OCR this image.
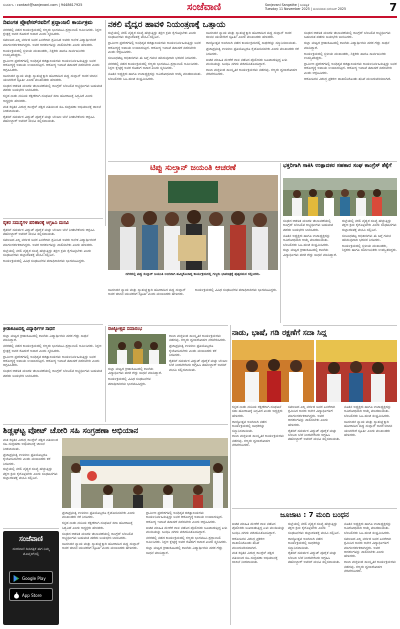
ಸಂಪರ್ಕಿಸಿ : contact@sanjevani.com | 9448617925	ಸಂಜೆವಾಣಿ	Sanjevani Sangathe | ದಿನಪತ್ರಿಕೆ
Tuesday 11 November 2025 | ಮಂಗಳವಾರ ನವೆಂಬರ್ 2025	7
ದಿವಂಗತ ಪ್ರೊಫೆಸರ್‌ರವರಿಗೆ ಶ್ರದ್ಧಾಂಜಲಿ ಕಾರ್ಯಕ್ರಮ

ನಗರದಲ್ಲಿ ನಡೆದ ಕಾರ್ಯಕ್ರಮದಲ್ಲಿ ಗಣ್ಯರು ಭಾಗವಹಿಸಿ ಶ್ರದ್ಧಾಂಜಲಿ ಅರ್ಪಿಸಿದರು. ಶಿಕ್ಷಣ ಕ್ಷೇತ್ರಕ್ಕೆ ಅವರ ಕೊಡುಗೆ ಅಪಾರ ಎಂದು ಸ್ಮರಿಸಿದರು.

ಸಮಾಜದ ಎಲ್ಲ ವರ್ಗದ ಜನರ ಏಳಿಗೆಗಾಗಿ ಶ್ರಮಿಸಿದ ಅವರು ಅನೇಕ ವಿದ್ಯಾರ್ಥಿಗಳಿಗೆ ಮಾರ್ಗದರ್ಶಕರಾಗಿದ್ದರು. ಅವರ ಆದರ್ಶಗಳನ್ನು ಪಾಲಿಸಬೇಕು ಎಂದು ಹೇಳಿದರು.

ಕಾರ್ಯಕ್ರಮದಲ್ಲಿ ಸ್ಥಳೀಯ ಮುಖಂಡರು, ಶಿಕ್ಷಕರು ಹಾಗೂ ಸಾರ್ವಜನಿಕರು ಉಪಸ್ಥಿತರಿದ್ದರು.

ಗ್ರಾಮೀಣ ಪ್ರದೇಶಗಳಲ್ಲಿ ಅನಧಿಕೃತ ಚಿಕಿತ್ಸಾಲಯಗಳು ಕಾರ್ಯನಿರ್ವಹಿಸುತ್ತಿದ್ದು ಜನರ ಆರೋಗ್ಯಕ್ಕೆ ಅಪಾಯ ಉಂಟಾಗುತ್ತಿದೆ. ಆರೋಗ್ಯ ಇಲಾಖೆ ತಪಾಸಣೆ ನಡೆಸಬೇಕು ಎಂದು ಆಗ್ರಹಿಸಿದರು.

ಸಾಮಾಜಿಕ ನ್ಯಾಯ ಮತ್ತು ಸ್ವಾತಂತ್ರ್ಯಕ್ಕಾಗಿ ಹೋರಾಡಿದ ಟಿಪ್ಪು ಸುಲ್ತಾನ್ ಅವರ ಜೀವನ ಯುವಕರಿಗೆ ಸ್ಫೂರ್ತಿ ಎಂದು ಮುಖಂಡರು ಹೇಳಿದರು.

ಸಂಘದ ಆಡಳಿತ ಮಂಡಳಿ ಚುನಾವಣೆಯಲ್ಲಿ ಕಾಂಗ್ರೆಸ್ ಬೆಂಬಲಿತ ಅಭ್ಯರ್ಥಿಗಳು ಬಹುಮತ ಪಡೆದು ಜಯಭೇರಿ ಬಾರಿಸಿದರು.

ಕನ್ನಡ ನಾಡು ನುಡಿಯ ರಕ್ಷಣೆಗಾಗಿ ಸಂಘಟನೆ ಸದಾ ಹೋರಾಟಕ್ಕೆ ಸಿದ್ಧವಿದೆ ಎಂದು ಅಧ್ಯಕ್ಷರು ಹೇಳಿದರು.

ಮತ ಕಳ್ಳತನ ವಿರುದ್ಧ ಕಾಂಗ್ರೆಸ್ ಪಕ್ಷದ ವತಿಯಿಂದ ಸಹಿ ಸಂಗ್ರಹಣಾ ಅಭಿಯಾನಕ್ಕೆ ಚಾಲನೆ ನೀಡಲಾಯಿತು.

ರೈತರಿಗೆ ಸಮರ್ಪಕ ವಿದ್ಯುತ್ ಪೂರೈಕೆ ಮತ್ತು ಬೆಂಬಲ ಬೆಲೆ ನೀಡಬೇಕೆಂದು ಆಗ್ರಹಿಸಿ ತಹಶೀಲ್ದಾರ್ ಅವರಿಗೆ ಮನವಿ ಸಲ್ಲಿಸಲಾಯಿತು.

ರೈತರ ಸಮಸ್ಯೆಗಳ ಪರಿಹಾರಕ್ಕೆ ಆಗ್ರಹಿಸಿ ಮನವಿ

ರೈತರಿಗೆ ಸಮರ್ಪಕ ವಿದ್ಯುತ್ ಪೂರೈಕೆ ಮತ್ತು ಬೆಂಬಲ ಬೆಲೆ ನೀಡಬೇಕೆಂದು ಆಗ್ರಹಿಸಿ ತಹಶೀಲ್ದಾರ್ ಅವರಿಗೆ ಮನವಿ ಸಲ್ಲಿಸಲಾಯಿತು.

ಸಮಾಜದ ಎಲ್ಲ ವರ್ಗದ ಜನರ ಏಳಿಗೆಗಾಗಿ ಶ್ರಮಿಸಿದ ಅವರು ಅನೇಕ ವಿದ್ಯಾರ್ಥಿಗಳಿಗೆ ಮಾರ್ಗದರ್ಶಕರಾಗಿದ್ದರು. ಅವರ ಆದರ್ಶಗಳನ್ನು ಪಾಲಿಸಬೇಕು ಎಂದು ಹೇಳಿದರು.

ಜಿಲ್ಲೆಯಲ್ಲಿ ನಕಲಿ ವೈದ್ಯರ ಸಂಖ್ಯೆ ಹೆಚ್ಚುತ್ತಿದ್ದು ತಕ್ಷಣ ಕ್ರಮ ಕೈಗೊಳ್ಳಬೇಕು ಎಂದು ಸಂಘಟನೆಗಳು ಜಿಲ್ಲಾಡಳಿತಕ್ಕೆ ಮನವಿ ಸಲ್ಲಿಸಿವೆ.

ಕಾರ್ಯಕ್ರಮದಲ್ಲಿ ವಿವಿಧ ಸಂಘಟನೆಗಳ ಪದಾಧಿಕಾರಿಗಳು ಭಾಗವಹಿಸಿದ್ದರು.

ನಕಲಿ ವೈದ್ಯರ ಹಾವಳಿ ನಿಯಂತ್ರಣಕ್ಕೆ ಒತ್ತಾಯ

ಜಿಲ್ಲೆಯಲ್ಲಿ ನಕಲಿ ವೈದ್ಯರ ಸಂಖ್ಯೆ ಹೆಚ್ಚುತ್ತಿದ್ದು ತಕ್ಷಣ ಕ್ರಮ ಕೈಗೊಳ್ಳಬೇಕು ಎಂದು ಸಂಘಟನೆಗಳು ಜಿಲ್ಲಾಡಳಿತಕ್ಕೆ ಮನವಿ ಸಲ್ಲಿಸಿವೆ.

ಗ್ರಾಮೀಣ ಪ್ರದೇಶಗಳಲ್ಲಿ ಅನಧಿಕೃತ ಚಿಕಿತ್ಸಾಲಯಗಳು ಕಾರ್ಯನಿರ್ವಹಿಸುತ್ತಿದ್ದು ಜನರ ಆರೋಗ್ಯಕ್ಕೆ ಅಪಾಯ ಉಂಟಾಗುತ್ತಿದೆ. ಆರೋಗ್ಯ ಇಲಾಖೆ ತಪಾಸಣೆ ನಡೆಸಬೇಕು ಎಂದು ಆಗ್ರಹಿಸಿದರು.

ಸಂಬಂಧಪಟ್ಟ ಅಧಿಕಾರಿಗಳು ಈ ಬಗ್ಗೆ ಗಮನ ಹರಿಸುವುದಾಗಿ ಭರವಸೆ ನೀಡಿದರು.

ನಗರದಲ್ಲಿ ನಡೆದ ಕಾರ್ಯಕ್ರಮದಲ್ಲಿ ಗಣ್ಯರು ಭಾಗವಹಿಸಿ ಶ್ರದ್ಧಾಂಜಲಿ ಅರ್ಪಿಸಿದರು. ಶಿಕ್ಷಣ ಕ್ಷೇತ್ರಕ್ಕೆ ಅವರ ಕೊಡುಗೆ ಅಪಾರ ಎಂದು ಸ್ಮರಿಸಿದರು.

ನೂತನ ಅಧ್ಯಕ್ಷರು ಹಾಗೂ ಉಪಾಧ್ಯಕ್ಷರನ್ನು ಅವಿರೋಧವಾಗಿ ಆಯ್ಕೆ ಮಾಡಲಾಯಿತು. ಬೆಂಬಲಿಗರು ಸಿಹಿ ಹಂಚಿ ಸಂಭ್ರಮಿಸಿದರು.

ಸಾಮಾಜಿಕ ನ್ಯಾಯ ಮತ್ತು ಸ್ವಾತಂತ್ರ್ಯಕ್ಕಾಗಿ ಹೋರಾಡಿದ ಟಿಪ್ಪು ಸುಲ್ತಾನ್ ಅವರ ಜೀವನ ಯುವಕರಿಗೆ ಸ್ಫೂರ್ತಿ ಎಂದು ಮುಖಂಡರು ಹೇಳಿದರು.

ರಾಜ್ಯೋತ್ಸವ ಅಂಗವಾಗಿ ನಡೆದ ಕಾರ್ಯಕ್ರಮದಲ್ಲಿ ಸಾಧಕರನ್ನು ಸನ್ಮಾನಿಸಲಾಯಿತು.

ಪ್ರಜಾಪ್ರಭುತ್ವ ಉಳಿಸಲು ಪ್ರತಿಯೊಬ್ಬರೂ ಕೈಜೋಡಿಸಬೇಕು ಎಂದು ಮುಖಂಡರು ಕರೆ ನೀಡಿದರು.

ಖಚಿತ ಮಾಹಿತಿ ಮೇರೆಗೆ ದಾಳಿ ನಡೆಸಿದ ಪೊಲೀಸರು ಜೂಜಾಡುತ್ತಿದ್ದ ಏಳು ಮಂದಿಯನ್ನು ಬಂಧಿಸಿ ನಗದು ವಶಪಡಿಸಿಕೊಂಡಿದ್ದಾರೆ.

ಶಾಲಾ ಮಕ್ಕಳಿಂದ ಸಾಂಸ್ಕೃತಿಕ ಕಾರ್ಯಕ್ರಮಗಳು ನಡೆದವು. ಗಣ್ಯರು ಧ್ವಜಾರೋಹಣ ನೆರವೇರಿಸಿದರು.

ಸಂಘದ ಆಡಳಿತ ಮಂಡಳಿ ಚುನಾವಣೆಯಲ್ಲಿ ಕಾಂಗ್ರೆಸ್ ಬೆಂಬಲಿತ ಅಭ್ಯರ್ಥಿಗಳು ಬಹುಮತ ಪಡೆದು ಜಯಭೇರಿ ಬಾರಿಸಿದರು.

ಜಿಲ್ಲಾ ಮಟ್ಟದ ಕ್ರೀಡಾಕೂಟದಲ್ಲಿ ಶಾಲೆಯ ವಿದ್ಯಾರ್ಥಿಗಳು ಪದಕ ಗೆದ್ದು ಸಾಧನೆ ಮಾಡಿದ್ದಾರೆ.

ಕಾರ್ಯಕ್ರಮದಲ್ಲಿ ಸ್ಥಳೀಯ ಮುಖಂಡರು, ಶಿಕ್ಷಕರು ಹಾಗೂ ಸಾರ್ವಜನಿಕರು ಉಪಸ್ಥಿತರಿದ್ದರು.

ಗ್ರಾಮೀಣ ಪ್ರದೇಶಗಳಲ್ಲಿ ಅನಧಿಕೃತ ಚಿಕಿತ್ಸಾಲಯಗಳು ಕಾರ್ಯನಿರ್ವಹಿಸುತ್ತಿದ್ದು ಜನರ ಆರೋಗ್ಯಕ್ಕೆ ಅಪಾಯ ಉಂಟಾಗುತ್ತಿದೆ. ಆರೋಗ್ಯ ಇಲಾಖೆ ತಪಾಸಣೆ ನಡೆಸಬೇಕು ಎಂದು ಆಗ್ರಹಿಸಿದರು.

ಆರೋಪಿಗಳ ವಿರುದ್ಧ ಪ್ರಕರಣ ದಾಖಲಿಸಿಕೊಂಡು ತನಿಖೆ ಮುಂದುವರಿಸಲಾಗಿದೆ.

ಟಿಪ್ಪು ಸುಲ್ತಾನ್ ಜಯಂತಿ ಆಚರಣೆ
ನಗರದಲ್ಲಿ ಟಿಪ್ಪು ಸುಲ್ತಾನ್ ಜಯಂತಿ ಅಂಗವಾಗಿ ಹಮ್ಮಿಕೊಂಡಿದ್ದ ಕಾರ್ಯಕ್ರಮದಲ್ಲಿ ಗಣ್ಯರು ಭಾವಚಿತ್ರಕ್ಕೆ ಪುಷ್ಪನಮನ ಸಲ್ಲಿಸಿದರು.

ಸಾಮಾಜಿಕ ನ್ಯಾಯ ಮತ್ತು ಸ್ವಾತಂತ್ರ್ಯಕ್ಕಾಗಿ ಹೋರಾಡಿದ ಟಿಪ್ಪು ಸುಲ್ತಾನ್ ಅವರ ಜೀವನ ಯುವಕರಿಗೆ ಸ್ಫೂರ್ತಿ ಎಂದು ಮುಖಂಡರು ಹೇಳಿದರು.

ಕಾರ್ಯಕ್ರಮದಲ್ಲಿ ವಿವಿಧ ಸಂಘಟನೆಗಳ ಪದಾಧಿಕಾರಿಗಳು ಭಾಗವಹಿಸಿದ್ದರು.

ಭಕ್ತರಿಗಾಗಿ ಸಾಕಿಸಿ ಉತ್ಪಾದಕರ ಸಹಕಾರ ಸಂಘ ಕಾಂಗ್ರೆಸ್ ತೆಕ್ಕೆಗೆ

ಸಂಘದ ಆಡಳಿತ ಮಂಡಳಿ ಚುನಾವಣೆಯಲ್ಲಿ ಕಾಂಗ್ರೆಸ್ ಬೆಂಬಲಿತ ಅಭ್ಯರ್ಥಿಗಳು ಬಹುಮತ ಪಡೆದು ಜಯಭೇರಿ ಬಾರಿಸಿದರು.

ನೂತನ ಅಧ್ಯಕ್ಷರು ಹಾಗೂ ಉಪಾಧ್ಯಕ್ಷರನ್ನು ಅವಿರೋಧವಾಗಿ ಆಯ್ಕೆ ಮಾಡಲಾಯಿತು. ಬೆಂಬಲಿಗರು ಸಿಹಿ ಹಂಚಿ ಸಂಭ್ರಮಿಸಿದರು.

ಜಿಲ್ಲಾ ಮಟ್ಟದ ಕ್ರೀಡಾಕೂಟದಲ್ಲಿ ಶಾಲೆಯ ವಿದ್ಯಾರ್ಥಿಗಳು ಪದಕ ಗೆದ್ದು ಸಾಧನೆ ಮಾಡಿದ್ದಾರೆ.

ಜಿಲ್ಲೆಯಲ್ಲಿ ನಕಲಿ ವೈದ್ಯರ ಸಂಖ್ಯೆ ಹೆಚ್ಚುತ್ತಿದ್ದು ತಕ್ಷಣ ಕ್ರಮ ಕೈಗೊಳ್ಳಬೇಕು ಎಂದು ಸಂಘಟನೆಗಳು ಜಿಲ್ಲಾಡಳಿತಕ್ಕೆ ಮನವಿ ಸಲ್ಲಿಸಿವೆ.

ಸಂಬಂಧಪಟ್ಟ ಅಧಿಕಾರಿಗಳು ಈ ಬಗ್ಗೆ ಗಮನ ಹರಿಸುವುದಾಗಿ ಭರವಸೆ ನೀಡಿದರು.

ಕಾರ್ಯಕ್ರಮದಲ್ಲಿ ಸ್ಥಳೀಯ ಮುಖಂಡರು, ಶಿಕ್ಷಕರು ಹಾಗೂ ಸಾರ್ವಜನಿಕರು ಉಪಸ್ಥಿತರಿದ್ದರು.

ನಾಡು, ಭಾಷೆ, ಗಡಿ ರಕ್ಷಣೆಗೆ ಸದಾ ಸಿದ್ದ

ಕನ್ನಡ ನಾಡು ನುಡಿಯ ರಕ್ಷಣೆಗಾಗಿ ಸಂಘಟನೆ ಸದಾ ಹೋರಾಟಕ್ಕೆ ಸಿದ್ಧವಿದೆ ಎಂದು ಅಧ್ಯಕ್ಷರು ಹೇಳಿದರು.

ರಾಜ್ಯೋತ್ಸವ ಅಂಗವಾಗಿ ನಡೆದ ಕಾರ್ಯಕ್ರಮದಲ್ಲಿ ಸಾಧಕರನ್ನು ಸನ್ಮಾನಿಸಲಾಯಿತು.

ಶಾಲಾ ಮಕ್ಕಳಿಂದ ಸಾಂಸ್ಕೃತಿಕ ಕಾರ್ಯಕ್ರಮಗಳು ನಡೆದವು. ಗಣ್ಯರು ಧ್ವಜಾರೋಹಣ ನೆರವೇರಿಸಿದರು.

ಸಮಾಜದ ಎಲ್ಲ ವರ್ಗದ ಜನರ ಏಳಿಗೆಗಾಗಿ ಶ್ರಮಿಸಿದ ಅವರು ಅನೇಕ ವಿದ್ಯಾರ್ಥಿಗಳಿಗೆ ಮಾರ್ಗದರ್ಶಕರಾಗಿದ್ದರು. ಅವರ ಆದರ್ಶಗಳನ್ನು ಪಾಲಿಸಬೇಕು ಎಂದು ಹೇಳಿದರು.

ರೈತರಿಗೆ ಸಮರ್ಪಕ ವಿದ್ಯುತ್ ಪೂರೈಕೆ ಮತ್ತು ಬೆಂಬಲ ಬೆಲೆ ನೀಡಬೇಕೆಂದು ಆಗ್ರಹಿಸಿ ತಹಶೀಲ್ದಾರ್ ಅವರಿಗೆ ಮನವಿ ಸಲ್ಲಿಸಲಾಯಿತು.

ನೂತನ ಅಧ್ಯಕ್ಷರು ಹಾಗೂ ಉಪಾಧ್ಯಕ್ಷರನ್ನು ಅವಿರೋಧವಾಗಿ ಆಯ್ಕೆ ಮಾಡಲಾಯಿತು. ಬೆಂಬಲಿಗರು ಸಿಹಿ ಹಂಚಿ ಸಂಭ್ರಮಿಸಿದರು.

ಸಾಮಾಜಿಕ ನ್ಯಾಯ ಮತ್ತು ಸ್ವಾತಂತ್ರ್ಯಕ್ಕಾಗಿ ಹೋರಾಡಿದ ಟಿಪ್ಪು ಸುಲ್ತಾನ್ ಅವರ ಜೀವನ ಯುವಕರಿಗೆ ಸ್ಫೂರ್ತಿ ಎಂದು ಮುಖಂಡರು ಹೇಳಿದರು.

ರಾಜ್ಯೋತ್ಸವ ಸಮಾರಂಭ

ಶಾಲಾ ಮಕ್ಕಳಿಂದ ಸಾಂಸ್ಕೃತಿಕ ಕಾರ್ಯಕ್ರಮಗಳು ನಡೆದವು. ಗಣ್ಯರು ಧ್ವಜಾರೋಹಣ ನೆರವೇರಿಸಿದರು.

ಪ್ರಜಾಪ್ರಭುತ್ವ ಉಳಿಸಲು ಪ್ರತಿಯೊಬ್ಬರೂ ಕೈಜೋಡಿಸಬೇಕು ಎಂದು ಮುಖಂಡರು ಕರೆ ನೀಡಿದರು.

ರೈತರಿಗೆ ಸಮರ್ಪಕ ವಿದ್ಯುತ್ ಪೂರೈಕೆ ಮತ್ತು ಬೆಂಬಲ ಬೆಲೆ ನೀಡಬೇಕೆಂದು ಆಗ್ರಹಿಸಿ ತಹಶೀಲ್ದಾರ್ ಅವರಿಗೆ ಮನವಿ ಸಲ್ಲಿಸಲಾಯಿತು.

ಜಿಲ್ಲಾ ಮಟ್ಟದ ಕ್ರೀಡಾಕೂಟದಲ್ಲಿ ಶಾಲೆಯ ವಿದ್ಯಾರ್ಥಿಗಳು ಪದಕ ಗೆದ್ದು ಸಾಧನೆ ಮಾಡಿದ್ದಾರೆ.

ಕಾರ್ಯಕ್ರಮದಲ್ಲಿ ವಿವಿಧ ಸಂಘಟನೆಗಳ ಪದಾಧಿಕಾರಿಗಳು ಭಾಗವಹಿಸಿದ್ದರು.

ಶಿಡ್ಲಘಟ್ಟ ವೋಟ್ ಚೋರಿ ಸಹಿ ಸಂಗ್ರಹಣಾ ಅಭಿಯಾನ

ಮತ ಕಳ್ಳತನ ವಿರುದ್ಧ ಕಾಂಗ್ರೆಸ್ ಪಕ್ಷದ ವತಿಯಿಂದ ಸಹಿ ಸಂಗ್ರಹಣಾ ಅಭಿಯಾನಕ್ಕೆ ಚಾಲನೆ ನೀಡಲಾಯಿತು.

ಪ್ರಜಾಪ್ರಭುತ್ವ ಉಳಿಸಲು ಪ್ರತಿಯೊಬ್ಬರೂ ಕೈಜೋಡಿಸಬೇಕು ಎಂದು ಮುಖಂಡರು ಕರೆ ನೀಡಿದರು.

ಜಿಲ್ಲೆಯಲ್ಲಿ ನಕಲಿ ವೈದ್ಯರ ಸಂಖ್ಯೆ ಹೆಚ್ಚುತ್ತಿದ್ದು ತಕ್ಷಣ ಕ್ರಮ ಕೈಗೊಳ್ಳಬೇಕು ಎಂದು ಸಂಘಟನೆಗಳು ಜಿಲ್ಲಾಡಳಿತಕ್ಕೆ ಮನವಿ ಸಲ್ಲಿಸಿವೆ.

ಪ್ರಜಾಪ್ರಭುತ್ವ ಉಳಿಸಲು ಪ್ರತಿಯೊಬ್ಬರೂ ಕೈಜೋಡಿಸಬೇಕು ಎಂದು ಮುಖಂಡರು ಕರೆ ನೀಡಿದರು.

ಕನ್ನಡ ನಾಡು ನುಡಿಯ ರಕ್ಷಣೆಗಾಗಿ ಸಂಘಟನೆ ಸದಾ ಹೋರಾಟಕ್ಕೆ ಸಿದ್ಧವಿದೆ ಎಂದು ಅಧ್ಯಕ್ಷರು ಹೇಳಿದರು.

ಸಂಘದ ಆಡಳಿತ ಮಂಡಳಿ ಚುನಾವಣೆಯಲ್ಲಿ ಕಾಂಗ್ರೆಸ್ ಬೆಂಬಲಿತ ಅಭ್ಯರ್ಥಿಗಳು ಬಹುಮತ ಪಡೆದು ಜಯಭೇರಿ ಬಾರಿಸಿದರು.

ಸಾಮಾಜಿಕ ನ್ಯಾಯ ಮತ್ತು ಸ್ವಾತಂತ್ರ್ಯಕ್ಕಾಗಿ ಹೋರಾಡಿದ ಟಿಪ್ಪು ಸುಲ್ತಾನ್ ಅವರ ಜೀವನ ಯುವಕರಿಗೆ ಸ್ಫೂರ್ತಿ ಎಂದು ಮುಖಂಡರು ಹೇಳಿದರು.

ಗ್ರಾಮೀಣ ಪ್ರದೇಶಗಳಲ್ಲಿ ಅನಧಿಕೃತ ಚಿಕಿತ್ಸಾಲಯಗಳು ಕಾರ್ಯನಿರ್ವಹಿಸುತ್ತಿದ್ದು ಜನರ ಆರೋಗ್ಯಕ್ಕೆ ಅಪಾಯ ಉಂಟಾಗುತ್ತಿದೆ. ಆರೋಗ್ಯ ಇಲಾಖೆ ತಪಾಸಣೆ ನಡೆಸಬೇಕು ಎಂದು ಆಗ್ರಹಿಸಿದರು.

ಖಚಿತ ಮಾಹಿತಿ ಮೇರೆಗೆ ದಾಳಿ ನಡೆಸಿದ ಪೊಲೀಸರು ಜೂಜಾಡುತ್ತಿದ್ದ ಏಳು ಮಂದಿಯನ್ನು ಬಂಧಿಸಿ ನಗದು ವಶಪಡಿಸಿಕೊಂಡಿದ್ದಾರೆ.

ನಗರದಲ್ಲಿ ನಡೆದ ಕಾರ್ಯಕ್ರಮದಲ್ಲಿ ಗಣ್ಯರು ಭಾಗವಹಿಸಿ ಶ್ರದ್ಧಾಂಜಲಿ ಅರ್ಪಿಸಿದರು. ಶಿಕ್ಷಣ ಕ್ಷೇತ್ರಕ್ಕೆ ಅವರ ಕೊಡುಗೆ ಅಪಾರ ಎಂದು ಸ್ಮರಿಸಿದರು.

ಜಿಲ್ಲಾ ಮಟ್ಟದ ಕ್ರೀಡಾಕೂಟದಲ್ಲಿ ಶಾಲೆಯ ವಿದ್ಯಾರ್ಥಿಗಳು ಪದಕ ಗೆದ್ದು ಸಾಧನೆ ಮಾಡಿದ್ದಾರೆ.

ಜೂಜಾಟ : 7 ಮಂದಿ ಬಂಧನ

ಖಚಿತ ಮಾಹಿತಿ ಮೇರೆಗೆ ದಾಳಿ ನಡೆಸಿದ ಪೊಲೀಸರು ಜೂಜಾಡುತ್ತಿದ್ದ ಏಳು ಮಂದಿಯನ್ನು ಬಂಧಿಸಿ ನಗದು ವಶಪಡಿಸಿಕೊಂಡಿದ್ದಾರೆ.

ಆರೋಪಿಗಳ ವಿರುದ್ಧ ಪ್ರಕರಣ ದಾಖಲಿಸಿಕೊಂಡು ತನಿಖೆ ಮುಂದುವರಿಸಲಾಗಿದೆ.

ಮತ ಕಳ್ಳತನ ವಿರುದ್ಧ ಕಾಂಗ್ರೆಸ್ ಪಕ್ಷದ ವತಿಯಿಂದ ಸಹಿ ಸಂಗ್ರಹಣಾ ಅಭಿಯಾನಕ್ಕೆ ಚಾಲನೆ ನೀಡಲಾಯಿತು.

ಜಿಲ್ಲೆಯಲ್ಲಿ ನಕಲಿ ವೈದ್ಯರ ಸಂಖ್ಯೆ ಹೆಚ್ಚುತ್ತಿದ್ದು ತಕ್ಷಣ ಕ್ರಮ ಕೈಗೊಳ್ಳಬೇಕು ಎಂದು ಸಂಘಟನೆಗಳು ಜಿಲ್ಲಾಡಳಿತಕ್ಕೆ ಮನವಿ ಸಲ್ಲಿಸಿವೆ.

ರಾಜ್ಯೋತ್ಸವ ಅಂಗವಾಗಿ ನಡೆದ ಕಾರ್ಯಕ್ರಮದಲ್ಲಿ ಸಾಧಕರನ್ನು ಸನ್ಮಾನಿಸಲಾಯಿತು.

ರೈತರಿಗೆ ಸಮರ್ಪಕ ವಿದ್ಯುತ್ ಪೂರೈಕೆ ಮತ್ತು ಬೆಂಬಲ ಬೆಲೆ ನೀಡಬೇಕೆಂದು ಆಗ್ರಹಿಸಿ ತಹಶೀಲ್ದಾರ್ ಅವರಿಗೆ ಮನವಿ ಸಲ್ಲಿಸಲಾಯಿತು.

ನೂತನ ಅಧ್ಯಕ್ಷರು ಹಾಗೂ ಉಪಾಧ್ಯಕ್ಷರನ್ನು ಅವಿರೋಧವಾಗಿ ಆಯ್ಕೆ ಮಾಡಲಾಯಿತು. ಬೆಂಬಲಿಗರು ಸಿಹಿ ಹಂಚಿ ಸಂಭ್ರಮಿಸಿದರು.

ಸಮಾಜದ ಎಲ್ಲ ವರ್ಗದ ಜನರ ಏಳಿಗೆಗಾಗಿ ಶ್ರಮಿಸಿದ ಅವರು ಅನೇಕ ವಿದ್ಯಾರ್ಥಿಗಳಿಗೆ ಮಾರ್ಗದರ್ಶಕರಾಗಿದ್ದರು. ಅವರ ಆದರ್ಶಗಳನ್ನು ಪಾಲಿಸಬೇಕು ಎಂದು ಹೇಳಿದರು.

ಶಾಲಾ ಮಕ್ಕಳಿಂದ ಸಾಂಸ್ಕೃತಿಕ ಕಾರ್ಯಕ್ರಮಗಳು ನಡೆದವು. ಗಣ್ಯರು ಧ್ವಜಾರೋಹಣ ನೆರವೇರಿಸಿದರು.

ಸಂಜೆವಾಣಿ
ಸಂಜೆವಾಣಿ ದಿನಪತ್ರಿಕೆ ಈಗ ನಿಮ್ಮ ಮೊಬೈಲ್‌ನಲ್ಲಿ
Google Play
App Store
ಕ್ರೀಡಾಕೂಟದಲ್ಲಿ ವಿದ್ಯಾರ್ಥಿಗಳ ಸಾಧನೆ

ಜಿಲ್ಲಾ ಮಟ್ಟದ ಕ್ರೀಡಾಕೂಟದಲ್ಲಿ ಶಾಲೆಯ ವಿದ್ಯಾರ್ಥಿಗಳು ಪದಕ ಗೆದ್ದು ಸಾಧನೆ ಮಾಡಿದ್ದಾರೆ.

ನಗರದಲ್ಲಿ ನಡೆದ ಕಾರ್ಯಕ್ರಮದಲ್ಲಿ ಗಣ್ಯರು ಭಾಗವಹಿಸಿ ಶ್ರದ್ಧಾಂಜಲಿ ಅರ್ಪಿಸಿದರು. ಶಿಕ್ಷಣ ಕ್ಷೇತ್ರಕ್ಕೆ ಅವರ ಕೊಡುಗೆ ಅಪಾರ ಎಂದು ಸ್ಮರಿಸಿದರು.

ಗ್ರಾಮೀಣ ಪ್ರದೇಶಗಳಲ್ಲಿ ಅನಧಿಕೃತ ಚಿಕಿತ್ಸಾಲಯಗಳು ಕಾರ್ಯನಿರ್ವಹಿಸುತ್ತಿದ್ದು ಜನರ ಆರೋಗ್ಯಕ್ಕೆ ಅಪಾಯ ಉಂಟಾಗುತ್ತಿದೆ. ಆರೋಗ್ಯ ಇಲಾಖೆ ತಪಾಸಣೆ ನಡೆಸಬೇಕು ಎಂದು ಆಗ್ರಹಿಸಿದರು.

ಸಂಘದ ಆಡಳಿತ ಮಂಡಳಿ ಚುನಾವಣೆಯಲ್ಲಿ ಕಾಂಗ್ರೆಸ್ ಬೆಂಬಲಿತ ಅಭ್ಯರ್ಥಿಗಳು ಬಹುಮತ ಪಡೆದು ಜಯಭೇರಿ ಬಾರಿಸಿದರು.
